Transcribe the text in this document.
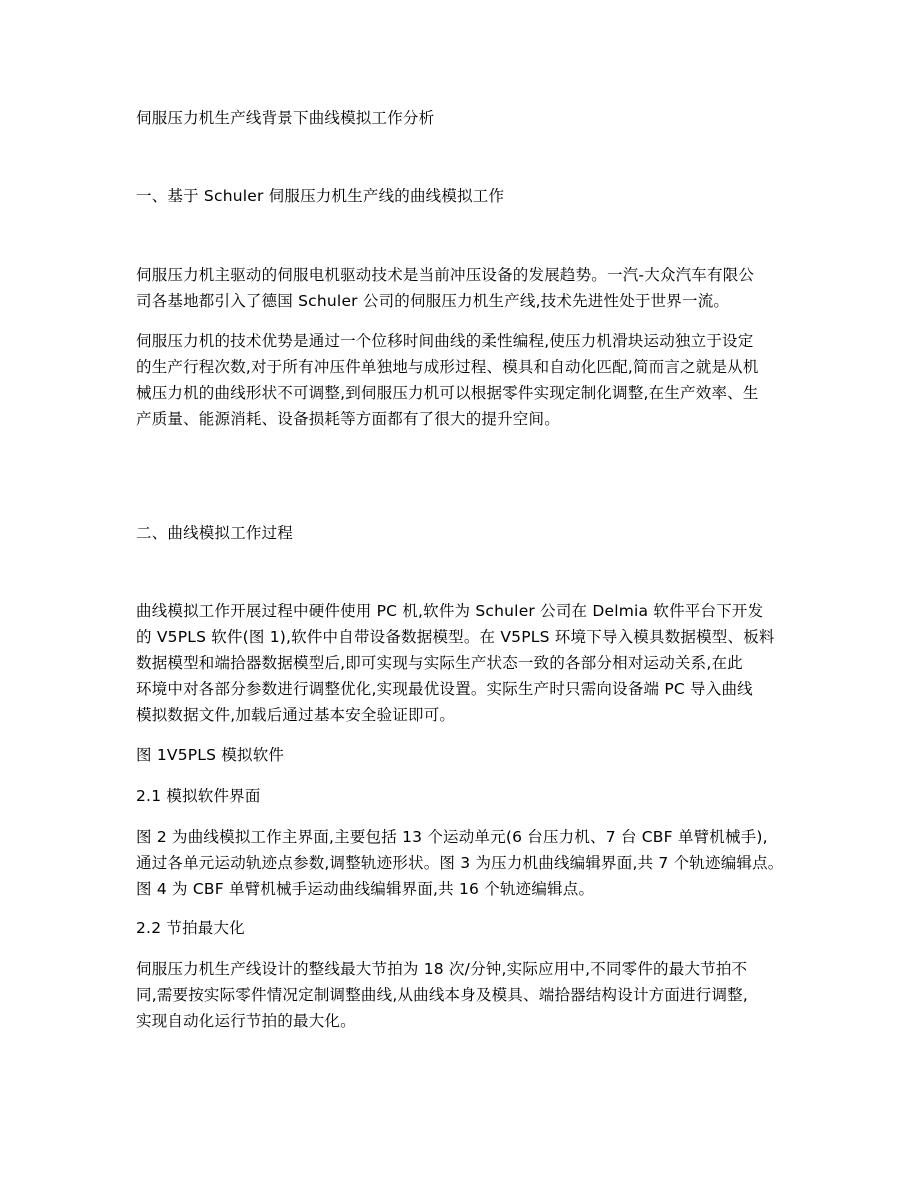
伺服压力机生产线背景下曲线模拟工作分析
一、基于 Schuler 伺服压力机生产线的曲线模拟工作
伺服压力机主驱动的伺服电机驱动技术是当前冲压设备的发展趋势。一汽-大众汽车有限公
司各基地都引入了德国 Schuler 公司的伺服压力机生产线,技术先进性处于世界一流。
伺服压力机的技术优势是通过一个位移时间曲线的柔性编程,使压力机滑块运动独立于设定
的生产行程次数,对于所有冲压件单独地与成形过程、模具和自动化匹配,简而言之就是从机
械压力机的曲线形状不可调整,到伺服压力机可以根据零件实现定制化调整,在生产效率、生
产质量、能源消耗、设备损耗等方面都有了很大的提升空间。
二、曲线模拟工作过程
曲线模拟工作开展过程中硬件使用 PC 机,软件为 Schuler 公司在 Delmia 软件平台下开发
的 V5PLS 软件(图 1),软件中自带设备数据模型。在 V5PLS 环境下导入模具数据模型、板料
数据模型和端拾器数据模型后,即可实现与实际生产状态一致的各部分相对运动关系,在此
环境中对各部分参数进行调整优化,实现最优设置。实际生产时只需向设备端 PC 导入曲线
模拟数据文件,加载后通过基本安全验证即可。
图 1V5PLS 模拟软件
2.1 模拟软件界面
图 2 为曲线模拟工作主界面,主要包括 13 个运动单元(6 台压力机、7 台 CBF 单臂机械手),
通过各单元运动轨迹点参数,调整轨迹形状。图 3 为压力机曲线编辑界面,共 7 个轨迹编辑点。
图 4 为 CBF 单臂机械手运动曲线编辑界面,共 16 个轨迹编辑点。
2.2 节拍最大化
伺服压力机生产线设计的整线最大节拍为 18 次/分钟,实际应用中,不同零件的最大节拍不
同,需要按实际零件情况定制调整曲线,从曲线本身及模具、端拾器结构设计方面进行调整,
实现自动化运行节拍的最大化。
